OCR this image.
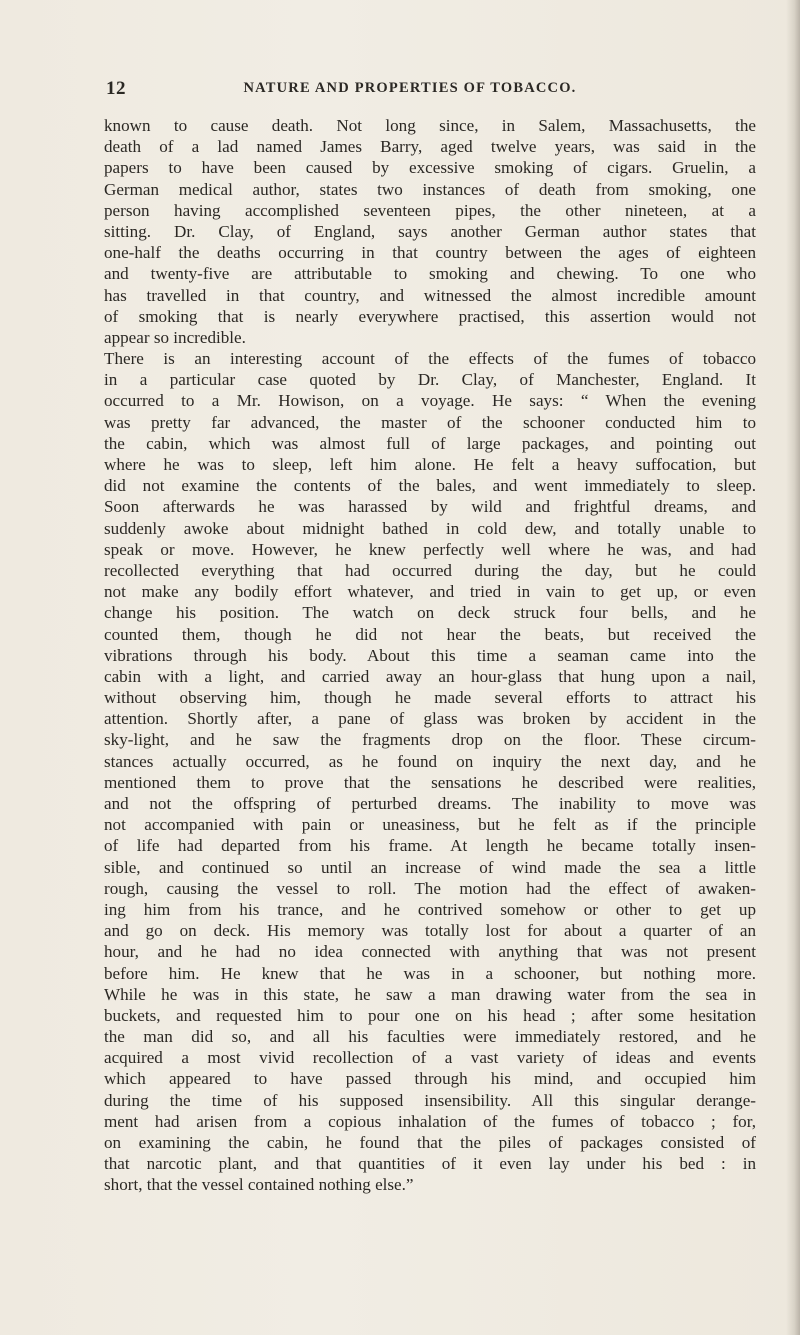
12	NATURE AND PROPERTIES OF TOBACCO.
known to cause death. Not long since, in Salem, Massachusetts, the
death of a lad named James Barry, aged twelve years, was said in the
papers to have been caused by excessive smoking of cigars. Gruelin, a
German medical author, states two instances of death from smoking, one
person having accomplished seventeen pipes, the other nineteen, at a
sitting. Dr. Clay, of England, says another German author states that
one-half the deaths occurring in that country between the ages of eighteen
and twenty-five are attributable to smoking and chewing. To one who
has travelled in that country, and witnessed the almost incredible amount
of smoking that is nearly everywhere practised, this assertion would not
appear so incredible.
There is an interesting account of the effects of the fumes of tobacco
in a particular case quoted by Dr. Clay, of Manchester, England. It
occurred to a Mr. Howison, on a voyage. He says: “ When the evening
was pretty far advanced, the master of the schooner conducted him to
the cabin, which was almost full of large packages, and pointing out
where he was to sleep, left him alone. He felt a heavy suffocation, but
did not examine the contents of the bales, and went immediately to sleep.
Soon afterwards he was harassed by wild and frightful dreams, and
suddenly awoke about midnight bathed in cold dew, and totally unable to
speak or move. However, he knew perfectly well where he was, and had
recollected everything that had occurred during the day, but he could
not make any bodily effort whatever, and tried in vain to get up, or even
change his position. The watch on deck struck four bells, and he
counted them, though he did not hear the beats, but received the
vibrations through his body. About this time a seaman came into the
cabin with a light, and carried away an hour-glass that hung upon a nail,
without observing him, though he made several efforts to attract his
attention. Shortly after, a pane of glass was broken by accident in the
sky-light, and he saw the fragments drop on the floor. These circum-
stances actually occurred, as he found on inquiry the next day, and he
mentioned them to prove that the sensations he described were realities,
and not the offspring of perturbed dreams. The inability to move was
not accompanied with pain or uneasiness, but he felt as if the principle
of life had departed from his frame. At length he became totally insen-
sible, and continued so until an increase of wind made the sea a little
rough, causing the vessel to roll. The motion had the effect of awaken-
ing him from his trance, and he contrived somehow or other to get up
and go on deck. His memory was totally lost for about a quarter of an
hour, and he had no idea connected with anything that was not present
before him. He knew that he was in a schooner, but nothing more.
While he was in this state, he saw a man drawing water from the sea in
buckets, and requested him to pour one on his head ; after some hesitation
the man did so, and all his faculties were immediately restored, and he
acquired a most vivid recollection of a vast variety of ideas and events
which appeared to have passed through his mind, and occupied him
during the time of his supposed insensibility. All this singular derange-
ment had arisen from a copious inhalation of the fumes of tobacco ; for,
on examining the cabin, he found that the piles of packages consisted of
that narcotic plant, and that quantities of it even lay under his bed : in
short, that the vessel contained nothing else.”
